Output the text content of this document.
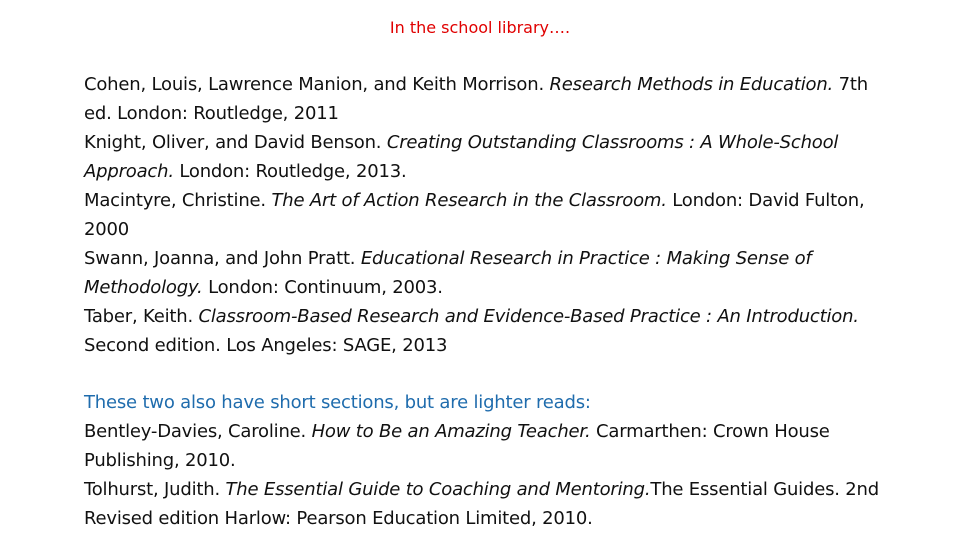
In the school library….

Cohen, Louis, Lawrence Manion, and Keith Morrison. Research Methods in Education. 7th ed. London: Routledge, 2011

Knight, Oliver, and David Benson. Creating Outstanding Classrooms : A Whole-School Approach. London: Routledge, 2013.

Macintyre, Christine. The Art of Action Research in the Classroom. London: David Fulton, 2000

Swann, Joanna, and John Pratt. Educational Research in Practice : Making Sense of Methodology. London: Continuum, 2003.

Taber, Keith. Classroom-Based Research and Evidence-Based Practice : An Introduction. Second edition. Los Angeles: SAGE, 2013

These two also have short sections, but are lighter reads:

Bentley-Davies, Caroline. How to Be an Amazing Teacher. Carmarthen: Crown House Publishing, 2010.

Tolhurst, Judith. The Essential Guide to Coaching and Mentoring.The Essential Guides. 2nd Revised edition Harlow: Pearson Education Limited, 2010.
